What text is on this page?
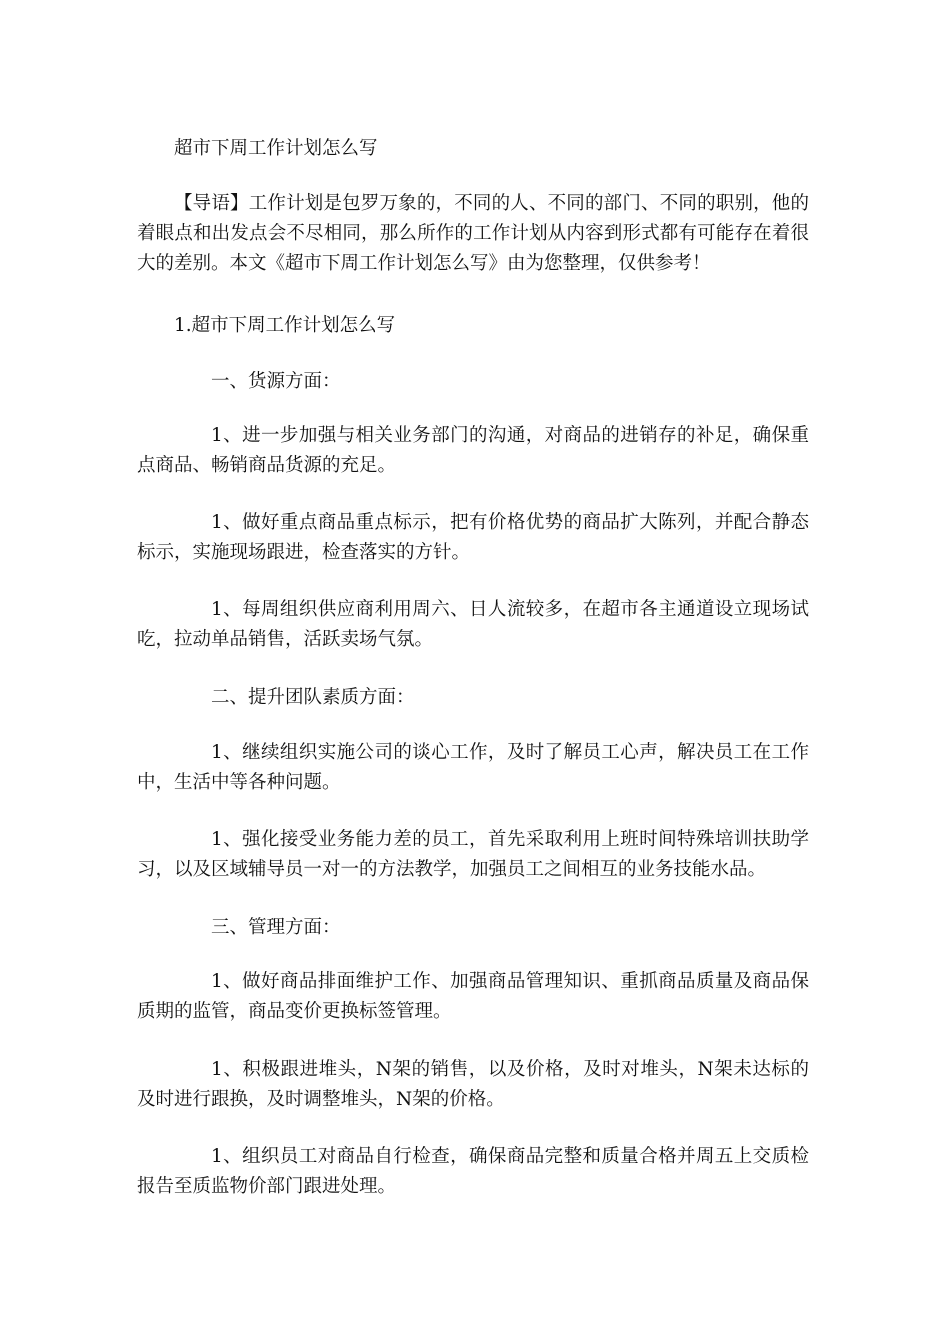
超市下周工作计划怎么写

【导语】工作计划是包罗万象的，不同的人、不同的部门、不同的职别，他的着眼点和出发点会不尽相同，那么所作的工作计划从内容到形式都有可能存在着很大的差别。本文《超市下周工作计划怎么写》由为您整理，仅供参考！

1.超市下周工作计划怎么写

一、货源方面：

1、进一步加强与相关业务部门的沟通，对商品的进销存的补足，确保重点商品、畅销商品货源的充足。

1、做好重点商品重点标示，把有价格优势的商品扩大陈列，并配合静态标示，实施现场跟进，检查落实的方针。

1、每周组织供应商利用周六、日人流较多，在超市各主通道设立现场试吃，拉动单品销售，活跃卖场气氛。

二、提升团队素质方面：

1、继续组织实施公司的谈心工作，及时了解员工心声，解决员工在工作中，生活中等各种问题。

1、强化接受业务能力差的员工，首先采取利用上班时间特殊培训扶助学习，以及区域辅导员一对一的方法教学，加强员工之间相互的业务技能水品。

三、管理方面：

1、做好商品排面维护工作、加强商品管理知识、重抓商品质量及商品保质期的监管，商品变价更换标签管理。

1、积极跟进堆头，N架的销售，以及价格，及时对堆头，N架未达标的及时进行跟换，及时调整堆头，N架的价格。

1、组织员工对商品自行检查，确保商品完整和质量合格并周五上交质检报告至质监物价部门跟进处理。
